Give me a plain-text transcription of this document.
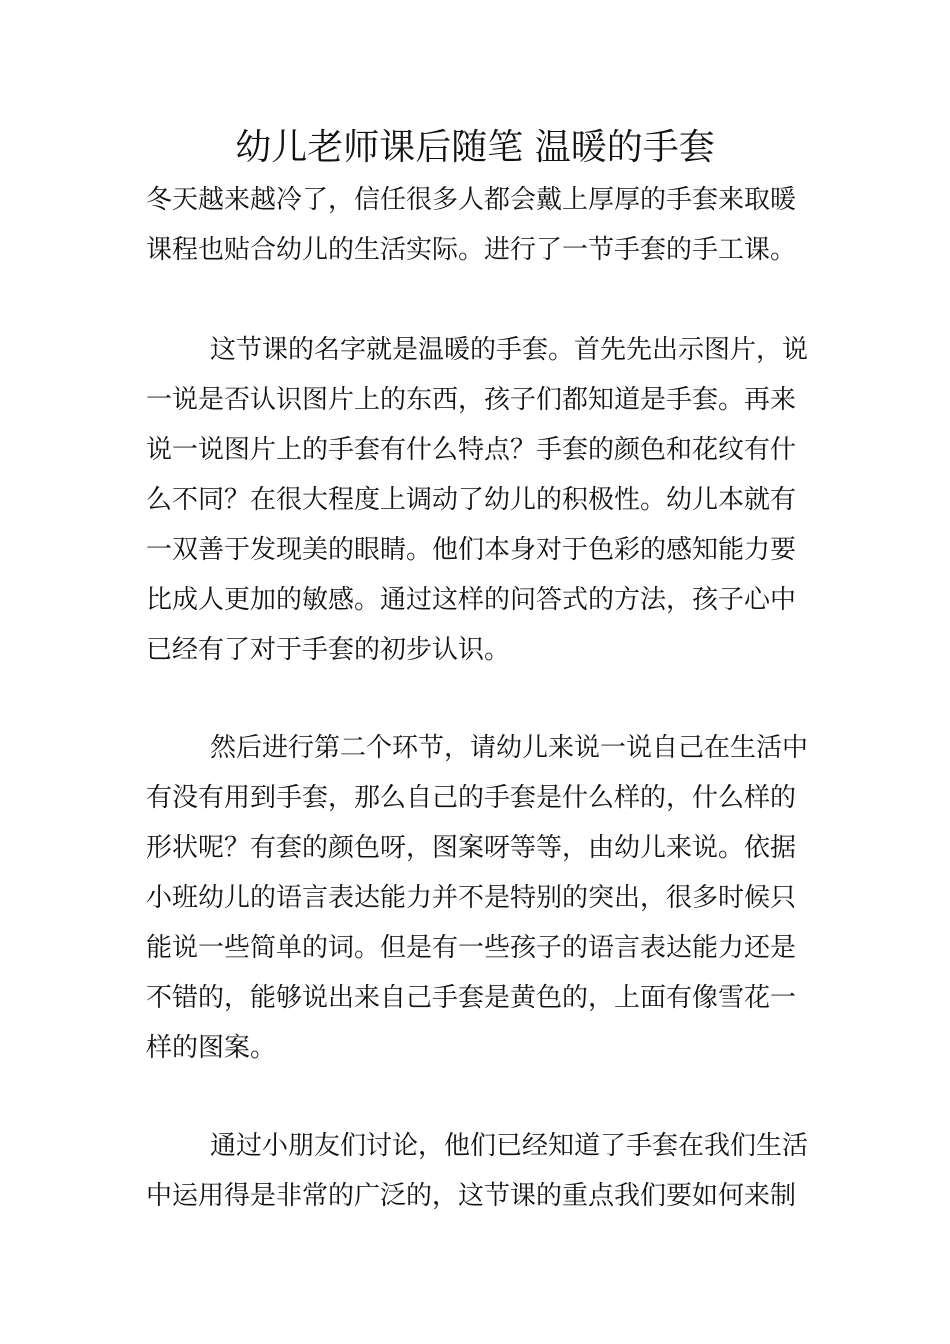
幼儿老师课后随笔 温暖的手套

冬天越来越冷了，信任很多人都会戴上厚厚的手套来取暖

课程也贴合幼儿的生活实际。进行了一节手套的手工课。

这节课的名字就是温暖的手套。首先先出示图片，说

一说是否认识图片上的东西，孩子们都知道是手套。再来

说一说图片上的手套有什么特点？手套的颜色和花纹有什

么不同？在很大程度上调动了幼儿的积极性。幼儿本就有

一双善于发现美的眼睛。他们本身对于色彩的感知能力要

比成人更加的敏感。通过这样的问答式的方法，孩子心中

已经有了对于手套的初步认识。

然后进行第二个环节，请幼儿来说一说自己在生活中

有没有用到手套，那么自己的手套是什么样的，什么样的

形状呢？有套的颜色呀，图案呀等等，由幼儿来说。依据

小班幼儿的语言表达能力并不是特别的突出，很多时候只

能说一些简单的词。但是有一些孩子的语言表达能力还是

不错的，能够说出来自己手套是黄色的，上面有像雪花一

样的图案。

通过小朋友们讨论，他们已经知道了手套在我们生活

中运用得是非常的广泛的，这节课的重点我们要如何来制
